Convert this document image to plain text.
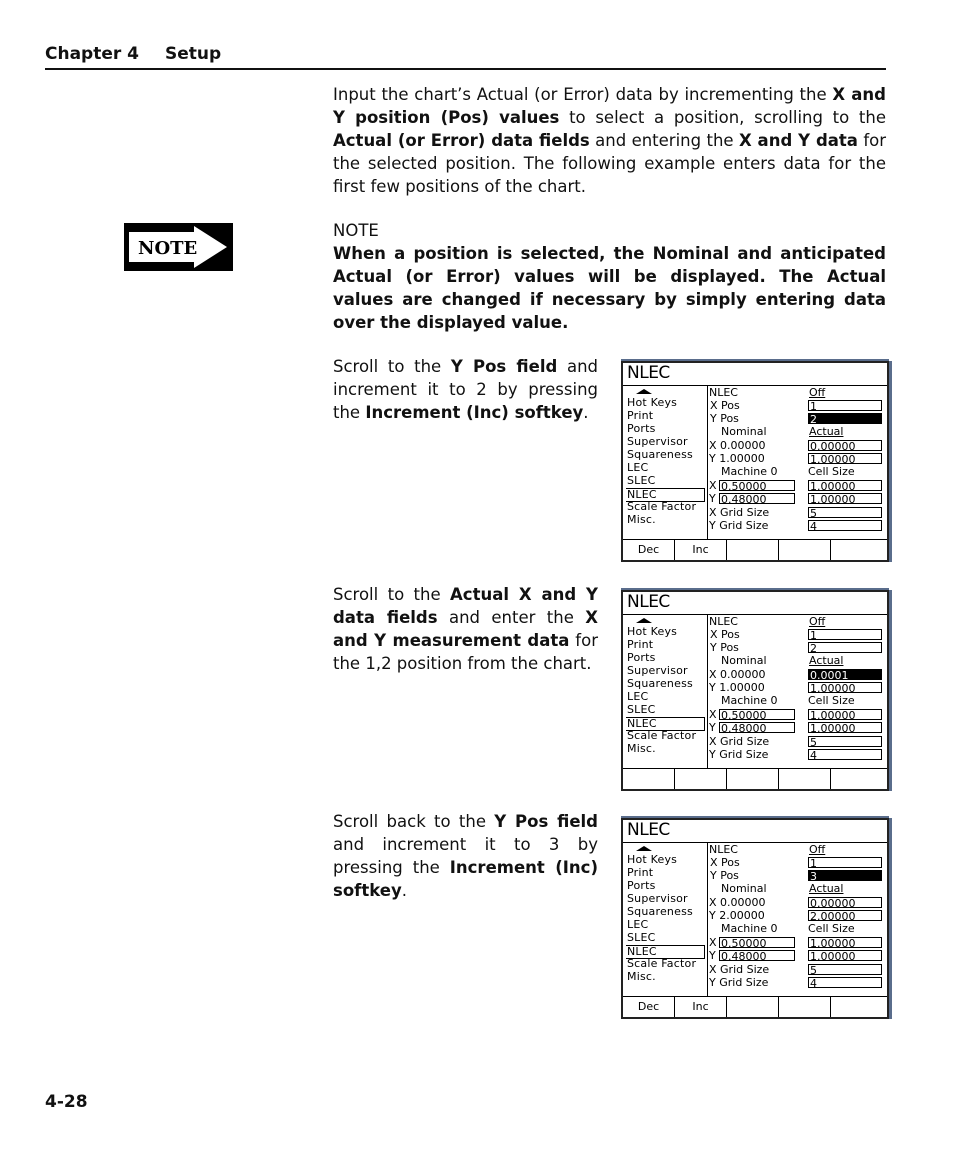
Chapter 4 Setup

Input the chart’s Actual (or Error) data by incrementing the X and Y position (Pos) values to select a position, scrolling to the Actual (or Error) data fields and entering the X and Y data for the selected position. The following example enters data for the first few positions of the chart.

NOTE
NOTE

When a position is selected, the Nominal and anticipated Actual (or Error) values will be displayed. The Actual values are changed if necessary by simply entering data over the displayed value.

Scroll to the Y Pos field and increment it to 2 by pressing the Increment (Inc) softkey.

Scroll to the Actual X and Y data fields and enter the X and Y measurement data for the 1,2 position from the chart.

Scroll back to the Y Pos field and increment it to 3 by pressing the Increment (Inc) softkey.

NLEC
Hot Keys
Print
Ports
Supervisor
Squareness
LEC
SLEC
NLEC
Scale Factor
Misc.
NLEC	Off
X Pos	1
Y Pos	2
Nominal	Actual
X 0.00000	0.00000
Y 1.00000	1.00000
Machine 0	Cell Size
X 0.50000	1.00000
Y 0.48000	1.00000
X Grid Size	5
Y Grid Size	4
Dec	Inc
NLEC
Hot Keys
Print
Ports
Supervisor
Squareness
LEC
SLEC
NLEC
Scale Factor
Misc.
NLEC	Off
X Pos	1
Y Pos	2
Nominal	Actual
X 0.00000	0.0001
Y 1.00000	1.00000
Machine 0	Cell Size
X 0.50000	1.00000
Y 0.48000	1.00000
X Grid Size	5
Y Grid Size	4
NLEC
Hot Keys
Print
Ports
Supervisor
Squareness
LEC
SLEC
NLEC
Scale Factor
Misc.
NLEC	Off
X Pos	1
Y Pos	3
Nominal	Actual
X 0.00000	0.00000
Y 2.00000	2.00000
Machine 0	Cell Size
X 0.50000	1.00000
Y 0.48000	1.00000
X Grid Size	5
Y Grid Size	4
Dec	Inc
4-28
